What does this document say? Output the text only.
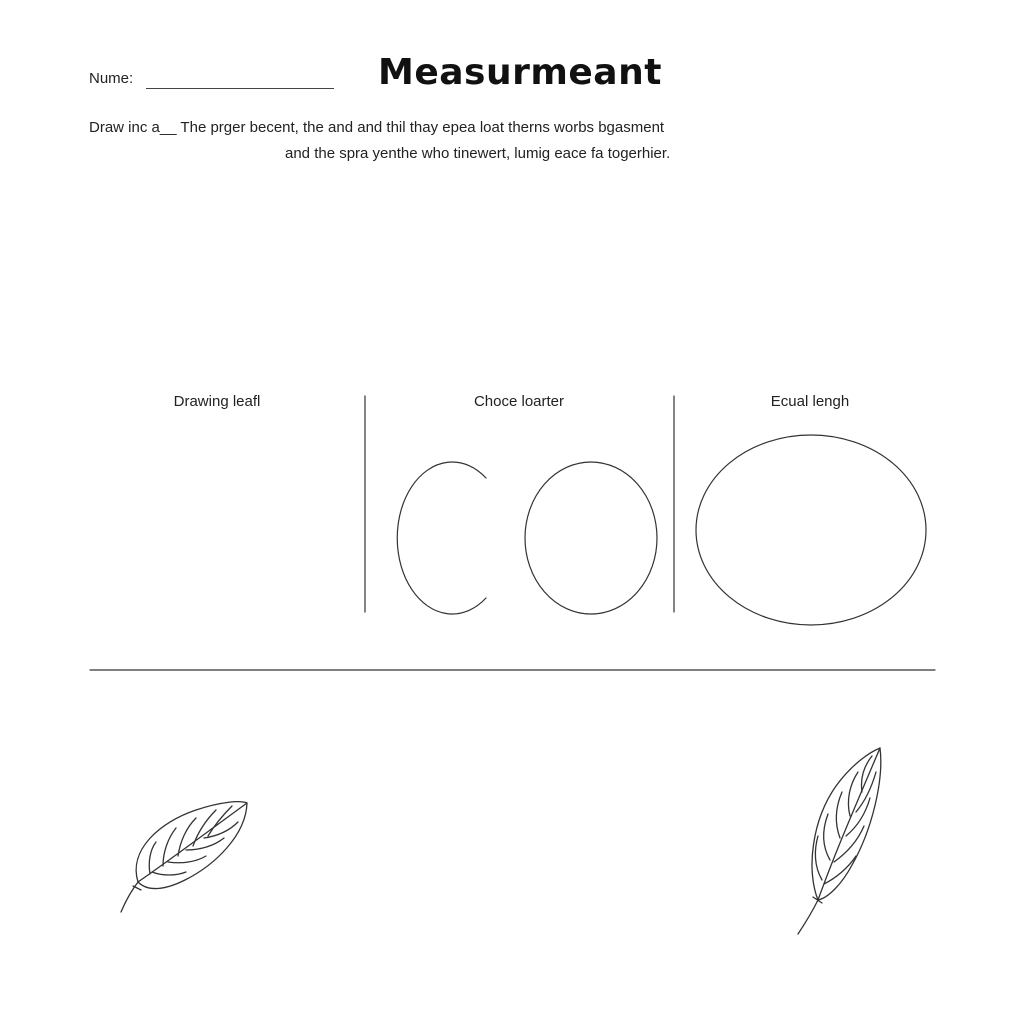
Nume:	Measurmeant
Draw inc a__ The prger becent, the and and thil thay epea loat therns worbs bgasment
and the spra yenthe who tinewert, lumig eace fa togerhier.
Drawing leafl	Choce loarter	Ecual lengh
